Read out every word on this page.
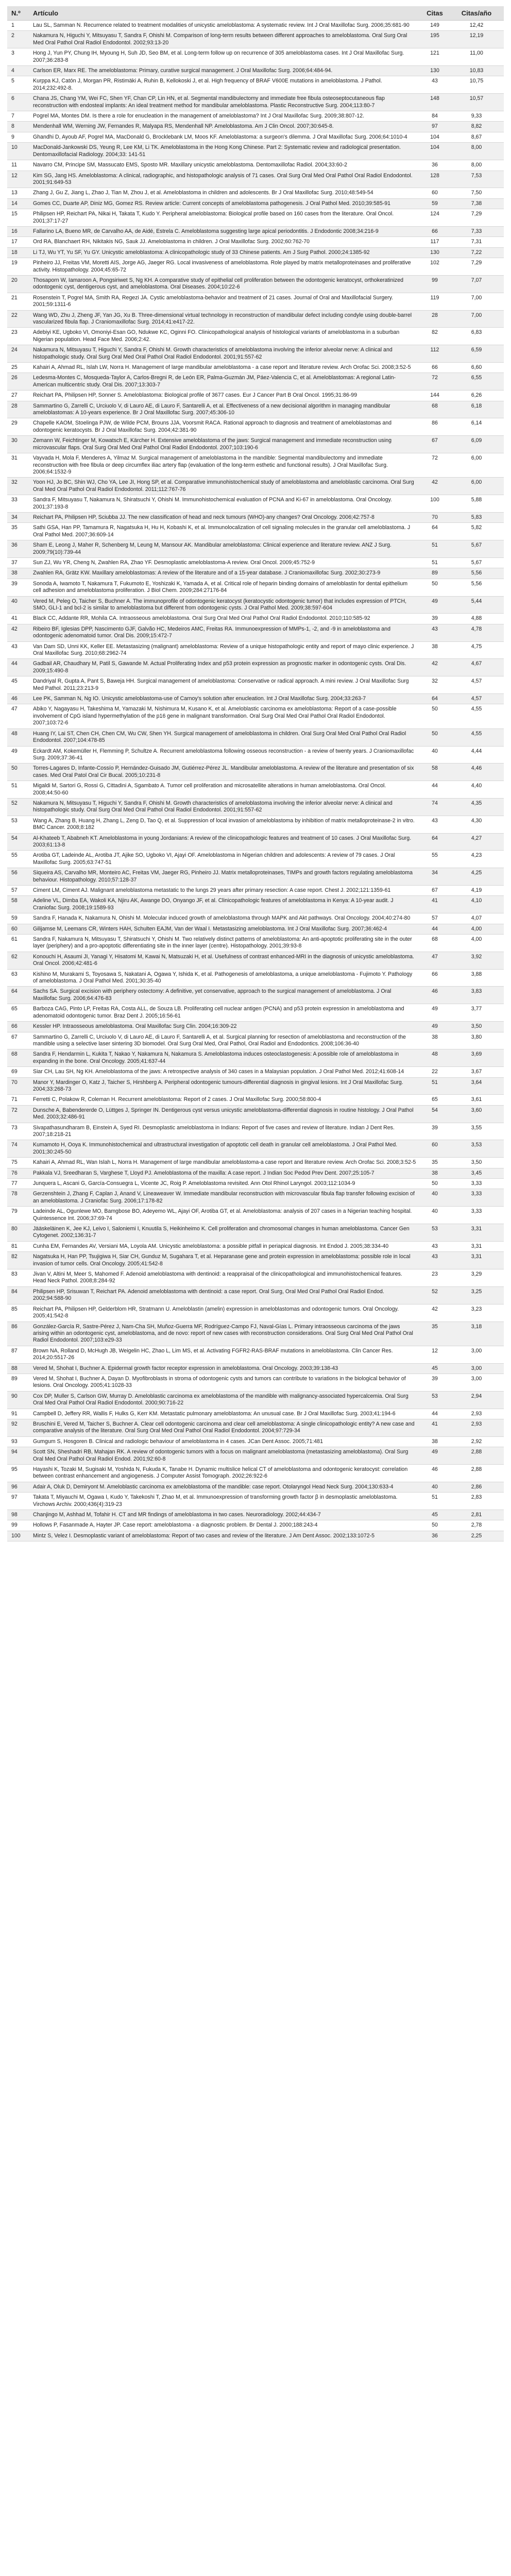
N.º	Artículo	Citas	Citas/año
1	Lau SL, Samman N. Recurrence related to treatment modalities of unicystic ameloblastoma: A systematic review. Int J Oral Maxillofac Surg. 2006;35:681-90	149	12,42
2	Nakamura N, Higuchi Y, Mitsuyasu T, Sandra F, Ohishi M. Comparison of long-term results between different approaches to ameloblastoma. Oral Surg Oral Med Oral Pathol Oral Radiol Endodontol. 2002;93:13-20	195	12,19
3	Hong J, Yun PY, Chung IH, Myoung H, Suh JD, Seo BM, et al. Long-term follow up on recurrence of 305 ameloblastoma cases. Int J Oral Maxillofac Surg. 2007;36:283-8	121	11,00
4	Carlson ER, Marx RE. The ameloblastoma: Primary, curative surgical management. J Oral Maxillofac Surg. 2006;64:484-94.	130	10,83
5	Kurppa KJ, Catón J, Morgan PR, Ristimäki A, Ruhin B, Kellokoski J, et al. High frequency of BRAF V600E mutations in ameloblastoma. J Pathol. 2014;232:492-8.	43	10,75
6	Chana JS, Chang YM, Wei FC, Shen YF, Chan CP, Lin HN, et al. Segmental mandibulectomy and immediate free fibula osteoseptocutaneous flap reconstruction with endosteal implants: An ideal treatment method for mandibular ameloblastoma. Plastic Reconstructive Surg. 2004;113:80-7	148	10,57
7	Pogrel MA, Montes DM. Is there a role for enucleation in the management of ameloblastoma? Int J Oral Maxillofac Surg. 2009;38:807-12.	84	9,33
8	Mendenhall WM, Werning JW, Fernandes R, Malyapa RS, Mendenhall NP. Ameloblastoma. Am J Clin Oncol. 2007;30:645-8.	97	8,82
9	Ghandhi D, Ayoub AF, Pogrel MA, MacDonald G, Brocklebank LM, Moos KF. Ameloblastoma: a surgeon's dilemma. J Oral Maxillofac Surg. 2006;64:1010-4	104	8,67
10	MacDonald-Jankowski DS, Yeung R, Lee KM, Li TK. Ameloblastoma in the Hong Kong Chinese. Part 2: Systematic review and radiological presentation. Dentomaxillofacial Radiology. 2004;33: 141-51	104	8,00
11	Navarro CM, Principe SM, Massucato EMS, Sposto MR. Maxillary unicystic ameloblastoma. Dentomaxillofac Radiol. 2004;33:60-2	36	8,00
12	Kim SG, Jang HS. Ameloblastoma: A clinical, radiographic, and histopathologic analysis of 71 cases. Oral Surg Oral Med Oral Pathol Oral Radiol Endodontol. 2001;91:649-53	128	7,53
13	Zhang J, Gu Z, Jiang L, Zhao J, Tian M, Zhou J, et al. Ameloblastoma in children and adolescents. Br J Oral Maxillofac Surg. 2010;48:549-54	60	7,50
14	Gomes CC, Duarte AP, Diniz MG, Gomez RS. Review article: Current concepts of ameloblastoma pathogenesis. J Oral Pathol Med. 2010;39:585-91	59	7,38
15	Philipsen HP, Reichart PA, Nikai H, Takata T, Kudo Y. Peripheral ameloblastoma: Biological profile based on 160 cases from the literature. Oral Oncol. 2001;37:17-27	124	7,29
16	Fallarino LA, Bueno MR, de Carvalho AA, de Aidé, Estrela C. Ameloblastoma suggesting large apical periodontitis. J Endodontic 2008;34:216-9	66	7,33
17	Ord RA, Blanchaert RH, Nikitakis NG, Sauk JJ. Ameloblastoma in children. J Oral Maxillofac Surg. 2002;60:762-70	117	7,31
18	Li TJ, Wu YT, Yu SF, Yu GY. Unicystic ameloblastoma: A clinicopathologic study of 33 Chinese patients. Am J Surg Pathol. 2000;24:1385-92	130	7,22
19	Pinheiro JJ, Freitas VM, Moretti AIS, Jorge AG, Jaeger RG. Local invasiveness of ameloblastoma. Role played by matrix metalloproteinases and proliferative activity. Histopathology. 2004;45:65-72	102	7,29
20	Thosaporn W, Iamaroon A, Pongsiriwet S, Ng KH. A comparative study of epithelial cell proliferation between the odontogenic keratocyst, orthokeratinized odontogenic cyst, dentigerous cyst, and ameloblastoma. Oral Diseases. 2004;10:22-6	99	7,07
21	Rosenstein T, Pogrel MA, Smith RA, Regezi JA. Cystic ameloblastoma-behavior and treatment of 21 cases. Journal of Oral and Maxillofacial Surgery. 2001;59:1311-6	119	7,00
22	Wang WD, Zhu J, Zheng JF, Yan JG, Xu B. Three-dimensional virtual technology in reconstruction of mandibular defect including condyle using double-barrel vascularized fibula flap. J Craniomaxillofac Surg. 2014;41:e417-22.	28	7,00
23	Adebiyi KE, Ugboko VI, Omoniyi-Esan GO, Ndukwe KC, Oginni FO. Clinicopathological analysis of histological variants of ameloblastoma in a suburban Nigerian population. Head Face Med. 2006;2:42.	82	6,83
24	Nakamura N, Mitsuyasu T, Higuchi Y, Sandra F, Ohishi M. Growth characteristics of ameloblastoma involving the inferior alveolar nerve: A clinical and histopathologic study. Oral Surg Oral Med Oral Pathol Oral Radiol Endodontol. 2001;91:557-62	112	6,59
25	Kahairi A, Ahmad RL, Islah LW, Norra H. Management of large mandibular ameloblastoma - a case report and literature review. Arch Orofac Sci. 2008;3:52-5	66	6,60
26	Ledesma-Montes C, Mosqueda-Taylor A, Carlos-Bregni R, de León ER, Palma-Guzmán JM, Páez-Valencia C, et al. Ameloblastomas: A regional Latin-American multicentric study. Oral Dis. 2007;13:303-7	72	6,55
27	Reichart PA, Philipsen HP, Sonner S. Ameloblastoma: Biological profile of 3677 cases. Eur J Cancer Part B Oral Oncol. 1995;31:86-99	144	6,26
28	Sammartino G, Zarrelli C, Urciuolo V, di Lauro AE, di Lauro F, Santarelli A, et al. Effectiveness of a new decisional algorithm in managing mandibular ameloblastomas: A 10-years experience. Br J Oral Maxillofac Surg. 2007;45:306-10	68	6,18
29	Chapelle KAOM, Stoelinga PJW, de Wilde PCM, Brouns JJA, Voorsmit RACA. Rational approach to diagnosis and treatment of ameloblastomas and odontogenic keratocysts. Br J Oral Maxillofac Surg. 2004;42:381-90	86	6,14
30	Zemann W, Feichtinger M, Kowatsch E, Kärcher H. Extensive ameloblastoma of the jaws: Surgical management and immediate reconstruction using microvascular flaps. Oral Surg Oral Med Oral Pathol Oral Radiol Endodontol. 2007;103:190-6	67	6,09
31	Vayvada H, Mola F, Menderes A, Yilmaz M. Surgical management of ameloblastoma in the mandible: Segmental mandibulectomy and immediate reconstruction with free fibula or deep circumflex iliac artery flap (evaluation of the long-term esthetic and functional results). J Oral Maxillofac Surg. 2006;64:1532-9	72	6,00
32	Yoon HJ, Jo BC, Shin WJ, Cho YA, Lee JI, Hong SP, et al. Comparative immunohistochemical study of ameloblastoma and ameloblastic carcinoma. Oral Surg Oral Med Oral Pathol Oral Radiol Endodontol. 2011;112:767-76	42	6,00
33	Sandra F, Mitsuyasu T, Nakamura N, Shiratsuchi Y, Ohishi M. Immunohistochemical evaluation of PCNA and Ki-67 in ameloblastoma. Oral Oncology. 2001;37:193-8	100	5,88
34	Reichart PA, Philipsen HP, Sciubba JJ. The new classification of head and neck tumours (WHO)-any changes? Oral Oncology. 2006;42:757-8	70	5,83
35	Sathi GSA, Han PP, Tamamura R, Nagatsuka H, Hu H, Kobashi K, et al. Immunolocalization of cell signaling molecules in the granular cell ameloblastoma. J Oral Pathol Med. 2007;36:609-14	64	5,82
36	Sham E, Leong J, Maher R, Schenberg M, Leung M, Mansour AK. Mandibular ameloblastoma: Clinical experience and literature review. ANZ J Surg. 2009;79(10):739-44	51	5,67
37	Sun ZJ, Wu YR, Cheng N, Zwahlen RA, Zhao YF. Desmoplastic ameloblastoma-A review. Oral Oncol. 2009;45:752-9	51	5,67
38	Zwahlen RA, Grätz KW. Maxillary ameloblastomas: A review of the literature and of a 15-year database. J Craniomaxillofac Surg. 2002;30:273-9	89	5,56
39	Sonoda A, Iwamoto T, Nakamura T, Fukumoto E, Yoshizaki K, Yamada A, et al. Critical role of heparin binding domains of ameloblastin for dental epithelium cell adhesion and ameloblastoma proliferation. J Biol Chem. 2009;284:27176-84	50	5,56
40	Vered M, Peleg O, Taicher S, Buchner A. The immunoprofile of odontogenic keratocyst (keratocystic odontogenic tumor) that includes expression of PTCH, SMO, GLI-1 and bcl-2 is similar to ameloblastoma but different from odontogenic cysts. J Oral Pathol Med. 2009;38:597-604	49	5,44
41	Black CC, Addante RR, Mohila CA. Intraosseous ameloblastoma. Oral Surg Oral Med Oral Pathol Oral Radiol Endodontol. 2010;110:585-92	39	4,88
42	Ribeiro BF, Iglesias DPP, Nascimento GJF, Galvão HC, Medeiros AMC, Freitas RA. Immunoexpression of MMPs-1, -2, and -9 in ameloblastoma and odontogenic adenomatoid tumor. Oral Dis. 2009;15:472-7	43	4,78
43	Van Dam SD, Unni KK, Keller EE. Metastasizing (malignant) ameloblastoma: Review of a unique histopathologic entity and report of mayo clinic experience. J Oral Maxillofac Surg. 2010;68:2962-74	38	4,75
44	Gadbail AR, Chaudhary M, Patil S, Gawande M. Actual Proliferating Index and p53 protein expression as prognostic marker in odontogenic cysts. Oral Dis. 2009;15:490-8	42	4,67
45	Dandriyal R, Gupta A, Pant S, Baweja HH. Surgical management of ameloblastoma: Conservative or radical approach. A mini review. J Oral Maxillofac Surg Med Pathol. 2011;23:213-9	32	4,57
46	Lee PK, Samman N, Ng IO. Unicystic ameloblastoma-use of Carnoy's solution after enucleation. Int J Oral Maxillofac Surg. 2004;33:263-7	64	4,57
47	Abiko Y, Nagayasu H, Takeshima M, Yamazaki M, Nishimura M, Kusano K, et al. Ameloblastic carcinoma ex ameloblastoma: Report of a case-possible involvement of CpG island hypermethylation of the p16 gene in malignant transformation. Oral Surg Oral Med Oral Pathol Oral Radiol Endodontol. 2007;103:72-6	50	4,55
48	Huang IY, Lai ST, Chen CH, Chen CM, Wu CW, Shen YH. Surgical management of ameloblastoma in children. Oral Surg Oral Med Oral Pathol Oral Radiol Endodontol. 2007;104:478-85	50	4,55
49	Eckardt AM, Kokemüller H, Flemming P, Schultze A. Recurrent ameloblastoma following osseous reconstruction - a review of twenty years. J Craniomaxillofac Surg. 2009;37:36-41	40	4,44
50	Torres-Lagares D, Infante-Cossío P, Hernández-Guisado JM, Gutiérrez-Pérez JL. Mandibular ameloblastoma. A review of the literature and presentation of six cases. Med Oral Patol Oral Cir Bucal. 2005;10:231-8	58	4,46
51	Migaldi M, Sartori G, Rossi G, Cittadini A, Sgambato A. Tumor cell proliferation and microsatellite alterations in human ameloblastoma. Oral Oncol. 2008;44:50-60	44	4,40
52	Nakamura N, Mitsuyasu T, Higuchi Y, Sandra F, Ohishi M. Growth characteristics of ameloblastoma involving the inferior alveolar nerve: A clinical and histopathologic study. Oral Surg Oral Med Oral Pathol Oral Radiol Endodontol. 2001;91:557-62	74	4,35
53	Wang A, Zhang B, Huang H, Zhang L, Zeng D, Tao Q, et al. Suppression of local invasion of ameloblastoma by inhibition of matrix metalloproteinase-2 in vitro. BMC Cancer. 2008;8:182	43	4,30
54	Al-Khateeb T, Ababneh KT. Ameloblastoma in young Jordanians: A review of the clinicopathologic features and treatment of 10 cases. J Oral Maxillofac Surg. 2003;61:13-8	64	4,27
55	Arotiba GT, Ladeinde AL, Arotiba JT, Ajike SO, Ugboko VI, Ajayi OF. Ameloblastoma in Nigerian children and adolescents: A review of 79 cases. J Oral Maxillofac Surg. 2005;63:747-51	55	4,23
56	Siqueira AS, Carvalho MR, Monteiro AC, Freitas VM, Jaeger RG, Pinheiro JJ. Matrix metalloproteinases, TIMPs and growth factors regulating ameloblastoma behaviour. Histopathology. 2010;57:128-37	34	4,25
57	Ciment LM, Ciment AJ. Malignant ameloblastoma metastatic to the lungs 29 years after primary resection: A case report. Chest J. 2002;121:1359-61	67	4,19
58	Adeline VL, Dimba EA, Wakoli KA, Njiru AK, Awange DO, Onyango JF, et al. Clinicopathologic features of ameloblastoma in Kenya: A 10-year audit. J Craniofac Surg. 2008;19:1589-93	41	4,10
59	Sandra F, Hanada K, Nakamura N, Ohishi M. Molecular induced growth of ameloblastoma through MAPK and Akt pathways. Oral Oncology. 2004;40:274-80	57	4,07
60	Gilijamse M, Leemans CR, Winters HAH, Schulten EAJM, Van der Waal I. Metastasizing ameloblastoma. Int J Oral Maxillofac Surg. 2007;36:462-4	44	4,00
61	Sandra F, Nakamura N, Mitsuyasu T, Shiratsuchi Y, Ohishi M. Two relatively distinct patterns of ameloblastoma: An anti-apoptotic proliferating site in the outer layer (periphery) and a pro-apoptotic differentiating site in the inner layer (centre). Histopathology. 2001;39:93-8	68	4,00
62	Konouchi H, Asaumi JI, Yanagi Y, Hisatomi M, Kawai N, Matsuzaki H, et al. Usefulness of contrast enhanced-MRI in the diagnosis of unicystic ameloblastoma. Oral Oncol. 2006;42:481-6	47	3,92
63	Kishino M, Murakami S, Toyosawa S, Nakatani A, Ogawa Y, Ishida K, et al. Pathogenesis of ameloblastoma, a unique ameloblastoma - Fujimoto Y. Pathology of ameloblastoma. J Oral Pathol Med. 2001;30:35-40	66	3,88
64	Sachs SA. Surgical excision with periphery ostectomy: A definitive, yet conservative, approach to the surgical management of ameloblastoma. J Oral Maxillofac Surg. 2006;64:476-83	46	3,83
65	Barboza CAG, Pinto LP, Freitas RA, Costa ALL, de Souza LB. Proliferating cell nuclear antigen (PCNA) and p53 protein expression in ameloblastoma and adenomatoid odontogenic tumor. Braz Dent J. 2005;16:56-61	49	3,77
66	Kessler HP. Intraosseous ameloblastoma. Oral Maxillofac Surg Clin. 2004;16:309-22	49	3,50
67	Sammartino G, Zarrelli C, Urciuolo V, di Lauro AE, di Lauro F, Santarelli A, et al. Surgical planning for resection of ameloblastoma and reconstruction of the mandible using a selective laser sintering 3D biomodel. Oral Surg Oral Med, Oral Pathol, Oral Radiol and Endodontics. 2008;106:36-40	38	3,80
68	Sandra F, Hendarmin L, Kukita T, Nakao Y, Nakamura N, Nakamura S. Ameloblastoma induces osteoclastogenesis: A possible role of ameloblastoma in expanding in the bone. Oral Oncology. 2005;41:637-44	48	3,69
69	Siar CH, Lau SH, Ng KH. Ameloblastoma of the jaws: A retrospective analysis of 340 cases in a Malaysian population. J Oral Pathol Med. 2012;41:608-14	22	3,67
70	Manor Y, Mardinger O, Katz J, Taicher S, Hirshberg A. Peripheral odontogenic tumours-differential diagnosis in gingival lesions. Int J Oral Maxillofac Surg. 2004;33:268-73	51	3,64
71	Ferretti C, Polakow R, Coleman H. Recurrent ameloblastoma: Report of 2 cases. J Oral Maxillofac Surg. 2000;58:800-4	65	3,61
72	Dunsche A, Babendererde O, Lüttges J, Springer IN. Dentigerous cyst versus unicystic ameloblastoma-differential diagnosis in routine histology. J Oral Pathol Med. 2003;32:486-91	54	3,60
73	Sivapathasundharam B, Einstein A, Syed RI. Desmoplastic ameloblastoma in Indians: Report of five cases and review of literature. Indian J Dent Res. 2007;18:218-21	39	3,55
74	Kumamoto H, Ooya K. Immunohistochemical and ultrastructural investigation of apoptotic cell death in granular cell ameloblastoma. J Oral Pathol Med. 2001;30:245-50	60	3,53
75	Kahairi A, Ahmad RL, Wan Islah L, Norra H. Management of large mandibular ameloblastoma-a case report and literature review. Arch Orofac Sci. 2008;3:52-5	35	3,50
76	Pakkala VJ, Sreedharan S, Varghese T, Lloyd PJ. Ameloblastoma of the maxilla: A case report. J Indian Soc Pedod Prev Dent. 2007;25:105-7	38	3,45
77	Junquera L, Ascani G, García-Consuegra L, Vicente JC, Roig P. Ameloblastoma revisited. Ann Otol Rhinol Laryngol. 2003;112:1034-9	50	3,33
78	Gerzenshtein J, Zhang F, Caplan J, Anand V, Lineaweaver W. Immediate mandibular reconstruction with microvascular fibula flap transfer following excision of an ameloblastoma. J Craniofac Surg. 2006;17:178-82	40	3,33
79	Ladeinde AL, Ogunlewe MO, Bamgbose BO, Adeyemo WL, Ajayi OF, Arotiba GT, et al. Ameloblastoma: analysis of 207 cases in a Nigerian teaching hospital. Quintessence Int. 2006;37:69-74	40	3,33
80	Jääskeläinen K, Jee KJ, Leivo I, Saloniemi I, Knuutila S, Heikinheimo K. Cell proliferation and chromosomal changes in human ameloblastoma. Cancer Gen Cytogenet. 2002;136:31-7	53	3,31
81	Cunha EM, Fernandes AV, Versiani MA, Loyola AM. Unicystic ameloblastoma: a possible pitfall in periapical diagnosis. Int Endod J. 2005;38:334-40	43	3,31
82	Nagatsuka H, Han PP, Tsujigiwa H, Siar CH, Gunduz M, Sugahara T, et al. Heparanase gene and protein expression in ameloblastoma: possible role in local invasion of tumor cells. Oral Oncology. 2005;41:542-8	43	3,31
83	Jivan V, Altini M, Meer S, Mahomed F. Adenoid ameloblastoma with dentinoid: a reappraisal of the clinicopathological and immunohistochemical features. Head Neck Pathol. 2008;8:284-92	23	3,29
84	Philipsen HP, Srisuwan T, Reichart PA. Adenoid ameloblastoma with dentinoid: a case report. Oral Surg, Oral Med Oral Pathol Oral Radiol Endod. 2002;94:588-90	52	3,25
85	Reichart PA, Philipsen HP, Gelderblom HR, Stratmann U. Ameloblastin (amelin) expression in ameloblastomas and odontogenic tumors. Oral Oncology. 2005;41:542-8	42	3,23
86	González-García R, Sastre-Pérez J, Nam-Cha SH, Muñoz-Guerra MF, Rodríguez-Campo FJ, Naval-Gías L. Primary intraosseous carcinoma of the jaws arising within an odontogenic cyst, ameloblastoma, and de novo: report of new cases with reconstruction considerations. Oral Surg Oral Med Oral Pathol Oral Radiol Endodontol. 2007;103:e29-33	35	3,18
87	Brown NA, Rolland D, McHugh JB, Weigelin HC, Zhao L, Lim MS, et al. Activating FGFR2-RAS-BRAF mutations in ameloblastoma. Clin Cancer Res. 2014;20:5517-26	12	3,00
88	Vered M, Shohat I, Buchner A. Epidermal growth factor receptor expression in ameloblastoma. Oral Oncology. 2003;39:138-43	45	3,00
89	Vered M, Shohat I, Buchner A, Dayan D. Myofibroblasts in stroma of odontogenic cysts and tumors can contribute to variations in the biological behavior of lesions. Oral Oncology. 2005;41:1028-33	39	3,00
90	Cox DP, Muller S, Carlson GW, Murray D. Ameloblastic carcinoma ex ameloblastoma of the mandible with malignancy-associated hypercalcemia. Oral Surg Oral Med Oral Pathol Oral Radiol Endodontol. 2000;90:716-22	53	2,94
91	Campbell D, Jeffery RR, Wallis F, Hulks G, Kerr KM. Metastatic pulmonary ameloblastoma: An unusual case. Br J Oral Maxillofac Surg. 2003;41:194-6	44	2,93
92	Bruschini E, Vered M, Taicher S, Buchner A. Clear cell odontogenic carcinoma and clear cell ameloblastoma: A single clinicopathologic entity? A new case and comparative analysis of the literature. Oral Surg Oral Med Oral Pathol Oral Radiol Endodontol. 2004;97:729-34	41	2,93
93	Gumgum S, Hosgoren B. Clinical and radiologic behaviour of ameloblastoma in 4 cases. JCan Dent Assoc. 2005;71:481	38	2,92
94	Scott SN, Sheshadri RB, Mahajan RK. A review of odontogenic tumors with a focus on malignant ameloblastoma (metastasizing ameloblastoma). Oral Surg Oral Med Oral Pathol Oral Radiol Endod. 2001;92:60-8	49	2,88
95	Hayashi K, Tozaki M, Sugisaki M, Yoshida N, Fukuda K, Tanabe H. Dynamic multislice helical CT of ameloblastoma and odontogenic keratocyst: correlation between contrast enhancement and angiogenesis. J Computer Assist Tomograph. 2002;26:922-6	46	2,88
96	Adair A, Oluk D, Demiryont M. Ameloblastic carcinoma ex ameloblastoma of the mandible: case report. Otolaryngol Head Neck Surg. 2004;130:633-4	40	2,86
97	Takata T, Miyauchi M, Ogawa I, Kudo Y, Takekoshi T, Zhao M, et al. Immunoexpression of transforming growth factor β in desmoplastic ameloblastoma. Virchows Archiv. 2000;436(4):319-23	51	2,83
98	Chanjingo M, Ashhad M, Tofahir H. CT and MR findings of ameloblastoma in two cases. Neuroradiology. 2002;44:434-7	45	2,81
99	Hollows P, Fasanmade A, Hayter JP. Case report: ameloblastoma - a diagnostic problem. Br Dental J. 2000;188:243-4	50	2,78
100	Mintz S, Velez I. Desmoplastic variant of ameloblastoma: Report of two cases and review of the literature. J Am Dent Assoc. 2002;133:1072-5	36	2,25
